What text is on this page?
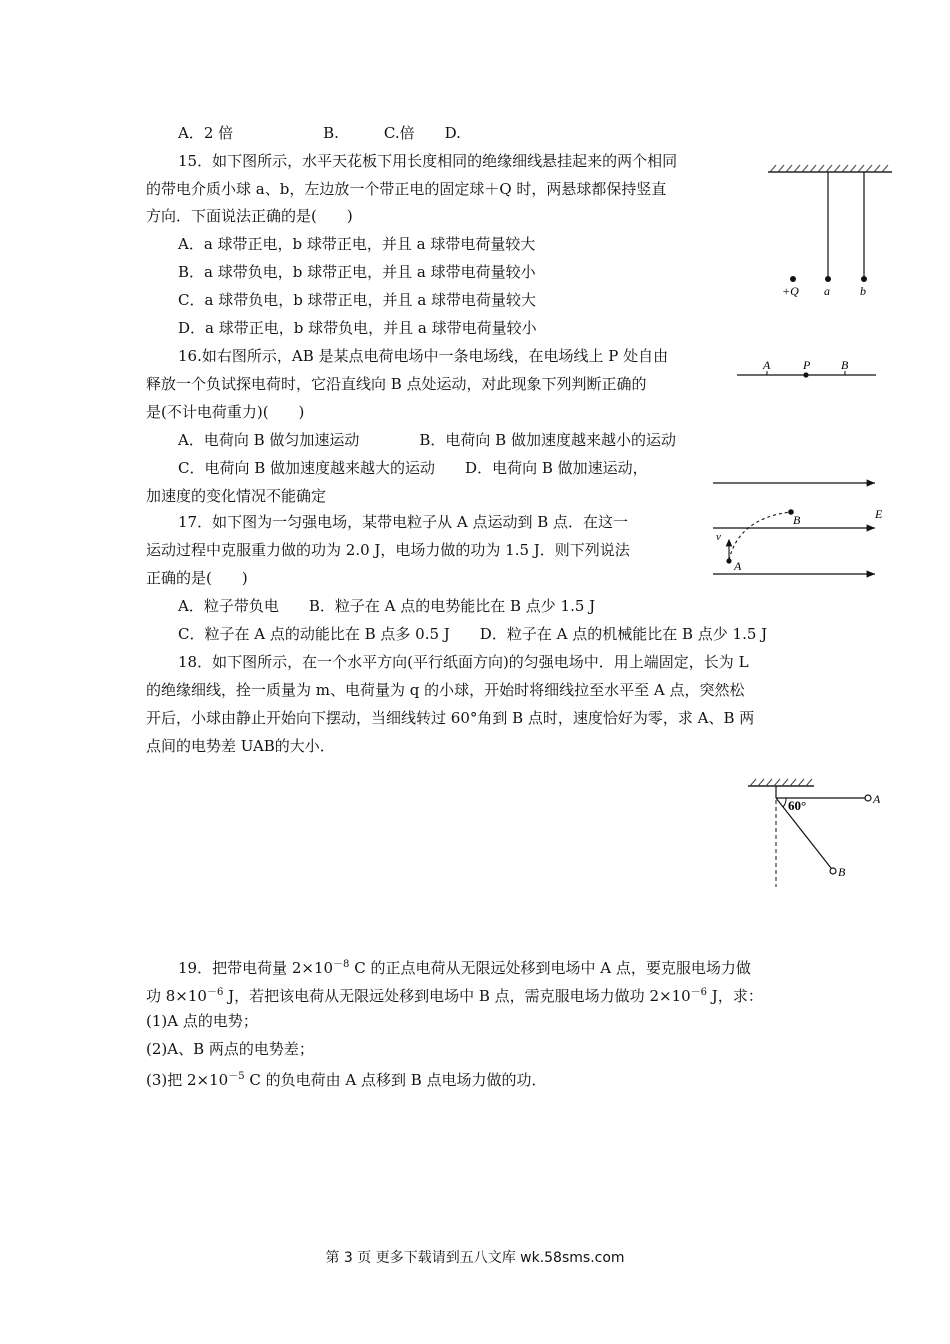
A．2 倍　　　　　　B.　　　C.倍　　D.
15．如下图所示，水平天花板下用长度相同的绝缘细线悬挂起来的两个相同
的带电介质小球 a、b，左边放一个带正电的固定球＋Q 时，两悬球都保持竖直
方向．下面说法正确的是(　　)
A．a 球带正电，b 球带正电，并且 a 球带电荷量较大
B．a 球带负电，b 球带正电，并且 a 球带电荷量较小
C．a 球带负电，b 球带正电，并且 a 球带电荷量较大
D．a 球带正电，b 球带负电，并且 a 球带电荷量较小
+Q a	b
16.如右图所示，AB 是某点电荷电场中一条电场线，在电场线上 P 处自由
释放一个负试探电荷时，它沿直线向 B 点处运动，对此现象下列判断正确的
是(不计电荷重力)(　　)
A．电荷向 B 做匀加速运动　　　　B．电荷向 B 做加速度越来越小的运动
C．电荷向 B 做加速度越来越大的运动　　D．电荷向 B 做加速运动，
加速度的变化情况不能确定
A	P	B
17．如下图为一匀强电场，某带电粒子从 A 点运动到 B 点．在这一
运动过程中克服重力做的功为 2.0 J，电场力做的功为 1.5 J．则下列说法
正确的是(　　)
A．粒子带负电　　B．粒子在 A 点的电势能比在 B 点少 1.5 J
C．粒子在 A 点的动能比在 B 点多 0.5 J　　D．粒子在 A 点的机械能比在 B 点少 1.5 J
E
v
A
B
18．如下图所示，在一个水平方向(平行纸面方向)的匀强电场中．用上端固定，长为 L
的绝缘细线，拴一质量为 m、电荷量为 q 的小球，开始时将细线拉至水平至 A 点，突然松
开后，小球由静止开始向下摆动，当细线转过 60°角到 B 点时，速度恰好为零，求 A、B 两
点间的电势差 UAB的大小．
60°	A
B
19．把带电荷量 $2\times 10^{-8}$ C 的正点电荷从无限远处移到电场中 A 点，要克服电场力做
功 $8\times 10^{-6}$ J，若把该电荷从无限远处移到电场中 B 点，需克服电场力做功 $2\times 10^{-6}$ J，求：
(1)A 点的电势；
(2)A、B 两点的电势差；
(3)把 $2\times 10^{-5}$ C 的负电荷由 A 点移到 B 点电场力做的功．
第 3 页 更多下载请到五八文库 wk.58sms.com
